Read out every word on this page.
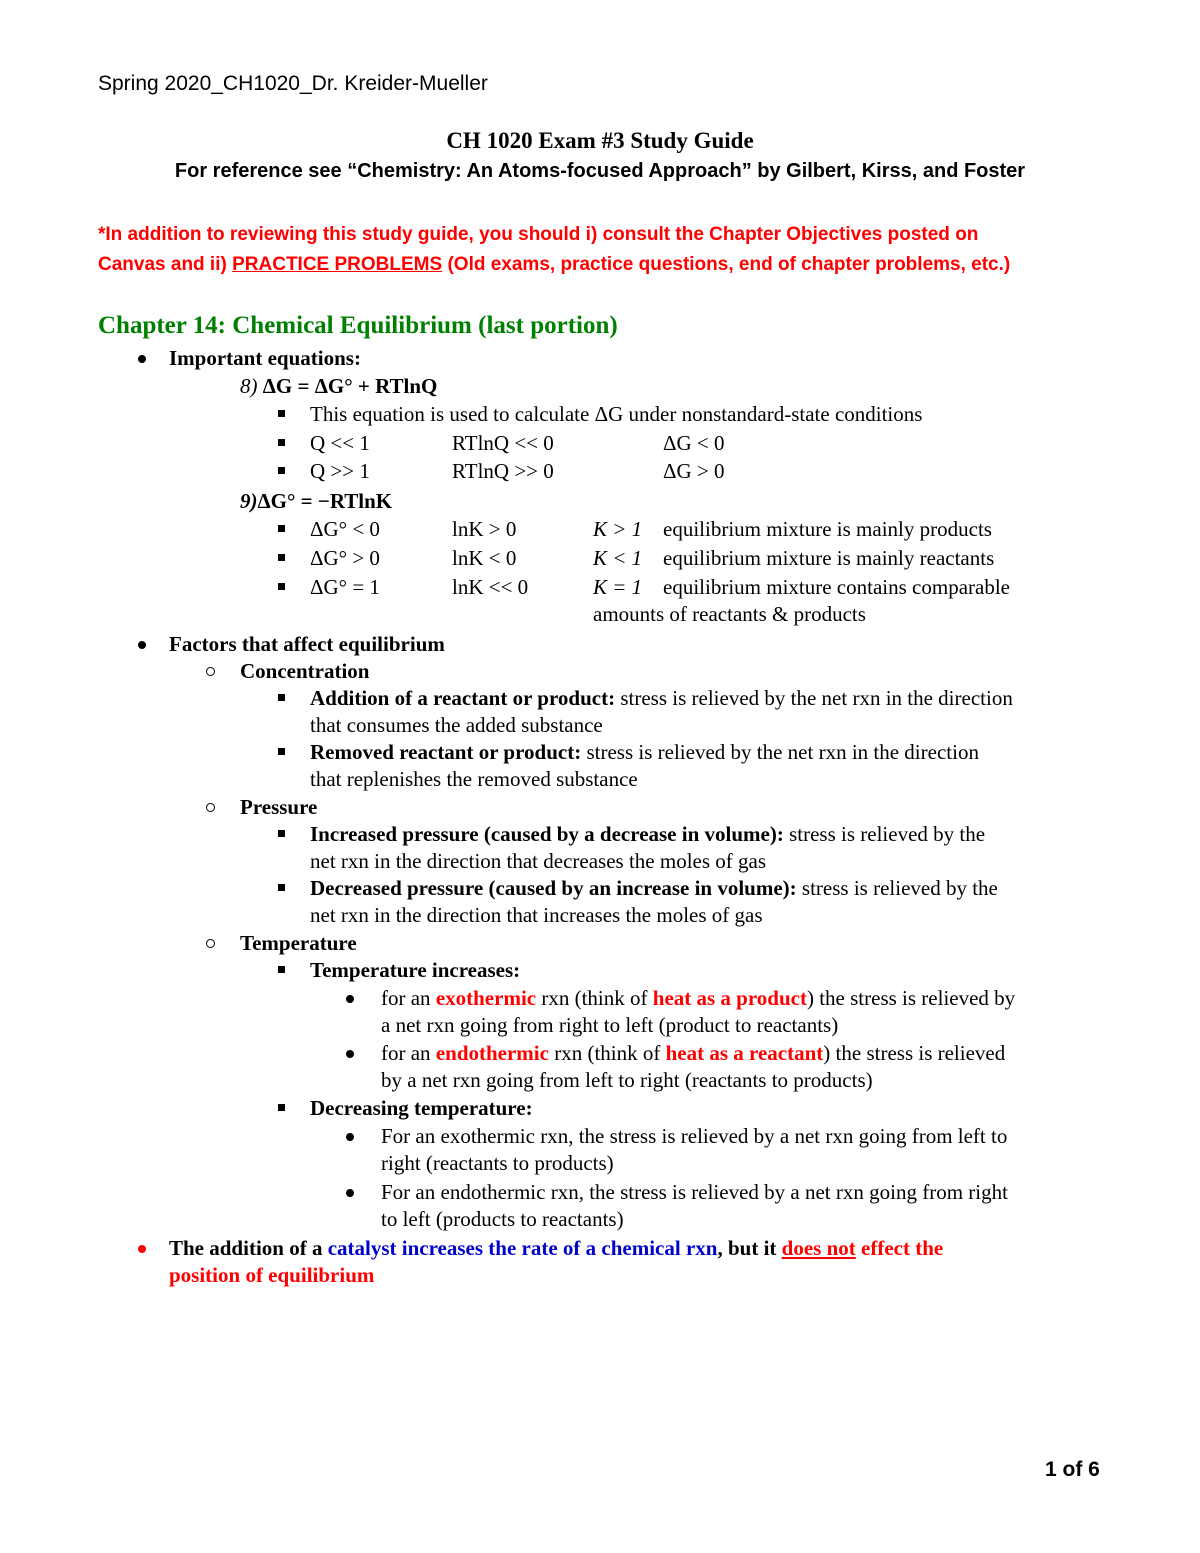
Spring 2020_CH1020_Dr. Kreider-Mueller
CH 1020 Exam #3 Study Guide
For reference see “Chemistry: An Atoms-focused Approach” by Gilbert, Kirss, and Foster
*In addition to reviewing this study guide, you should i) consult the Chapter Objectives posted on
Canvas and ii) PRACTICE PROBLEMS (Old exams, practice questions, end of chapter problems, etc.)
Chapter 14: Chemical Equilibrium (last portion)
Important equations:
8) ΔG = ΔG° + RTlnQ
This equation is used to calculate ΔG under nonstandard-state conditions
Q << 1	RTlnQ << 0	ΔG < 0
Q >> 1	RTlnQ >> 0	ΔG > 0
9)ΔG° = −RTlnK
ΔG° < 0	lnK > 0	K > 1 equilibrium mixture is mainly products
ΔG° > 0	lnK < 0	K < 1 equilibrium mixture is mainly reactants
ΔG° = 1	lnK << 0	K = 1 equilibrium mixture contains comparable
amounts of reactants & products
Factors that affect equilibrium
Concentration
Addition of a reactant or product: stress is relieved by the net rxn in the direction
that consumes the added substance
Removed reactant or product: stress is relieved by the net rxn in the direction
that replenishes the removed substance
Pressure
Increased pressure (caused by a decrease in volume): stress is relieved by the
net rxn in the direction that decreases the moles of gas
Decreased pressure (caused by an increase in volume): stress is relieved by the
net rxn in the direction that increases the moles of gas
Temperature
Temperature increases:
for an exothermic rxn (think of heat as a product) the stress is relieved by
a net rxn going from right to left (product to reactants)
for an endothermic rxn (think of heat as a reactant) the stress is relieved
by a net rxn going from left to right (reactants to products)
Decreasing temperature:
For an exothermic rxn, the stress is relieved by a net rxn going from left to
right (reactants to products)
For an endothermic rxn, the stress is relieved by a net rxn going from right
to left (products to reactants)
The addition of a catalyst increases the rate of a chemical rxn, but it does not effect the
position of equilibrium
1 of 6
